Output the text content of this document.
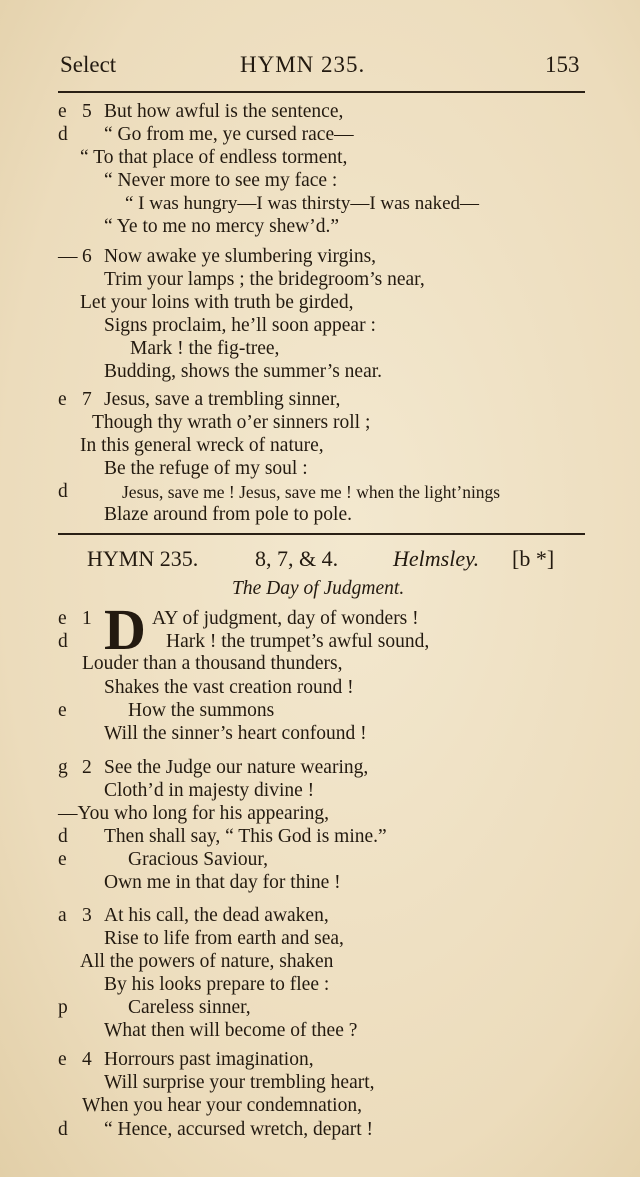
Select	HYMN 235.	153
e 5 But how awful is the sentence,
d “ Go from me, ye cursed race—
“ To that place of endless torment,
“ Never more to see my face :
“ I was hungry—I was thirsty—I was naked—
“ Ye to me no mercy shew’d.”
— 6 Now awake ye slumbering virgins,
Trim your lamps ; the bridegroom’s near,
Let your loins with truth be girded,
Signs proclaim, he’ll soon appear :
Mark ! the fig-tree,
Budding, shows the summer’s near.
e 7 Jesus, save a trembling sinner,
Though thy wrath o’er sinners roll ;
In this general wreck of nature,
Be the refuge of my soul :
d	Jesus, save me ! Jesus, save me ! when the light’nings
Blaze around from pole to pole.
HYMN 235.	8, 7, & 4. Helmsley. [b *]
The Day of Judgment.
e 1 D AY of judgment, day of wonders !
d	Hark ! the trumpet’s awful sound,
Louder than a thousand thunders,
Shakes the vast creation round !
e	How the summons
Will the sinner’s heart confound !
g 2 See the Judge our nature wearing,
Cloth’d in majesty divine !
—You who long for his appearing,
d Then shall say, “ This God is mine.”
e	Gracious Saviour,
Own me in that day for thine !
a 3 At his call, the dead awaken,
Rise to life from earth and sea,
All the powers of nature, shaken
By his looks prepare to flee :
p	Careless sinner,
What then will become of thee ?
e 4 Horrours past imagination,
Will surprise your trembling heart,
When you hear your condemnation,
d “ Hence, accursed wretch, depart !
